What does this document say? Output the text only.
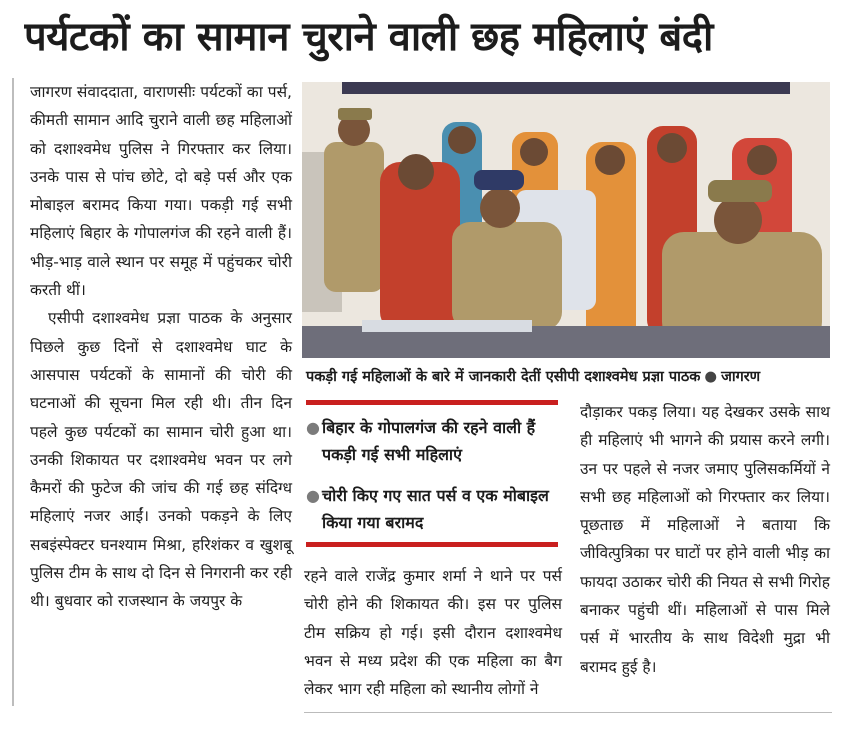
पर्यटकों का सामान चुराने वाली छह महिलाएं बंदी

जागरण संवाददाता, वाराणसीः पर्यटकों का पर्स, कीमती सामान आदि चुराने वाली छह महिलाओं को दशाश्वमेध पुलिस ने गिरफ्तार कर लिया। उनके पास से पांच छोटे, दो बड़े पर्स और एक मोबाइल बरामद किया गया। पकड़ी गई सभी महिलाएं बिहार के गोपालगंज की रहने वाली हैं। भीड़-भाड़ वाले स्थान पर समूह में पहुंचकर चोरी करती थीं।

एसीपी दशाश्वमेध प्रज्ञा पाठक के अनुसार पिछले कुछ दिनों से दशाश्वमेध घाट के आसपास पर्यटकों के सामानों की चोरी की घटनाओं की सूचना मिल रही थी। तीन दिन पहले कुछ पर्यटकों का सामान चोरी हुआ था। उनकी शिकायत पर दशाश्वमेध भवन पर लगे कैमरों की फुटेज की जांच की गई छह संदिग्ध महिलाएं नजर आईं। उनको पकड़ने के लिए सबइंस्पेक्टर घनश्याम मिश्रा, हरिशंकर व खुशबू पुलिस टीम के साथ दो दिन से निगरानी कर रही थी। बुधवार को राजस्थान के जयपुर के

पकड़ी गई महिलाओं के बारे में जानकारी देतीं एसीपी दशाश्वमेध प्रज्ञा पाठक ● जागरण
● बिहार के गोपालगंज की रहने वाली हैं पकड़ी गई सभी महिलाएं
● चोरी किए गए सात पर्स व एक मोबाइल किया गया बरामद

रहने वाले राजेंद्र कुमार शर्मा ने थाने पर पर्स चोरी होने की शिकायत की। इस पर पुलिस टीम सक्रिय हो गई। इसी दौरान दशाश्वमेध भवन से मध्य प्रदेश की एक महिला का बैग लेकर भाग रही महिला को स्थानीय लोगों ने

दौड़ाकर पकड़ लिया। यह देखकर उसके साथ ही महिलाएं भी भागने की प्रयास करने लगी। उन पर पहले से नजर जमाए पुलिसकर्मियों ने सभी छह महिलाओं को गिरफ्तार कर लिया। पूछताछ में महिलाओं ने बताया कि जीवित्पुत्रिका पर घाटों पर होने वाली भीड़ का फायदा उठाकर चोरी की नियत से सभी गिरोह बनाकर पहुंची थीं। महिलाओं से पास मिले पर्स में भारतीय के साथ विदेशी मुद्रा भी बरामद हुई है।
